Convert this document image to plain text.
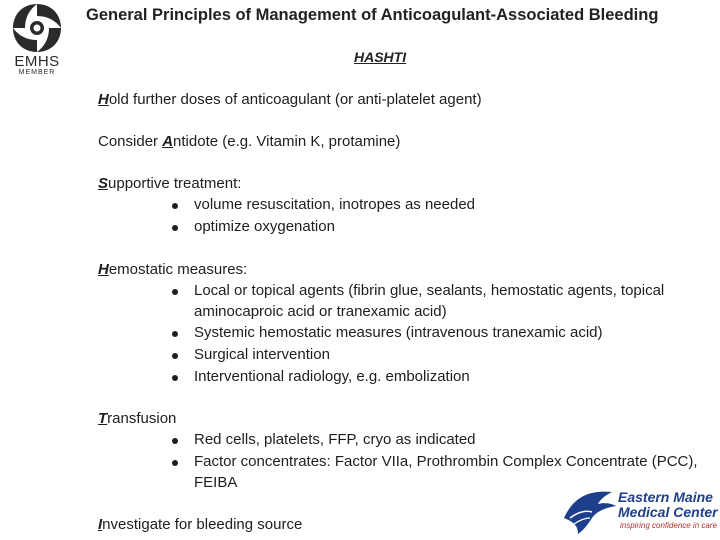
EMHS
MEMBER
General Principles of Management of Anticoagulant-Associated Bleeding
HASHTI
Hold further doses of anticoagulant (or anti-platelet agent)
Consider Antidote (e.g. Vitamin K, protamine)
Supportive treatment:
volume resuscitation, inotropes as needed
optimize oxygenation
Hemostatic measures:
Local or topical agents (fibrin glue, sealants, hemostatic agents, topical
aminocaproic acid or tranexamic acid)
Systemic hemostatic measures (intravenous tranexamic acid)
Surgical intervention
Interventional radiology, e.g. embolization
Transfusion
Red cells, platelets, FFP, cryo as indicated
Factor concentrates: Factor VIIa, Prothrombin Complex Concentrate (PCC),
FEIBA
Investigate for bleeding source
Eastern Maine
Medical Center
inspiring confidence in care
